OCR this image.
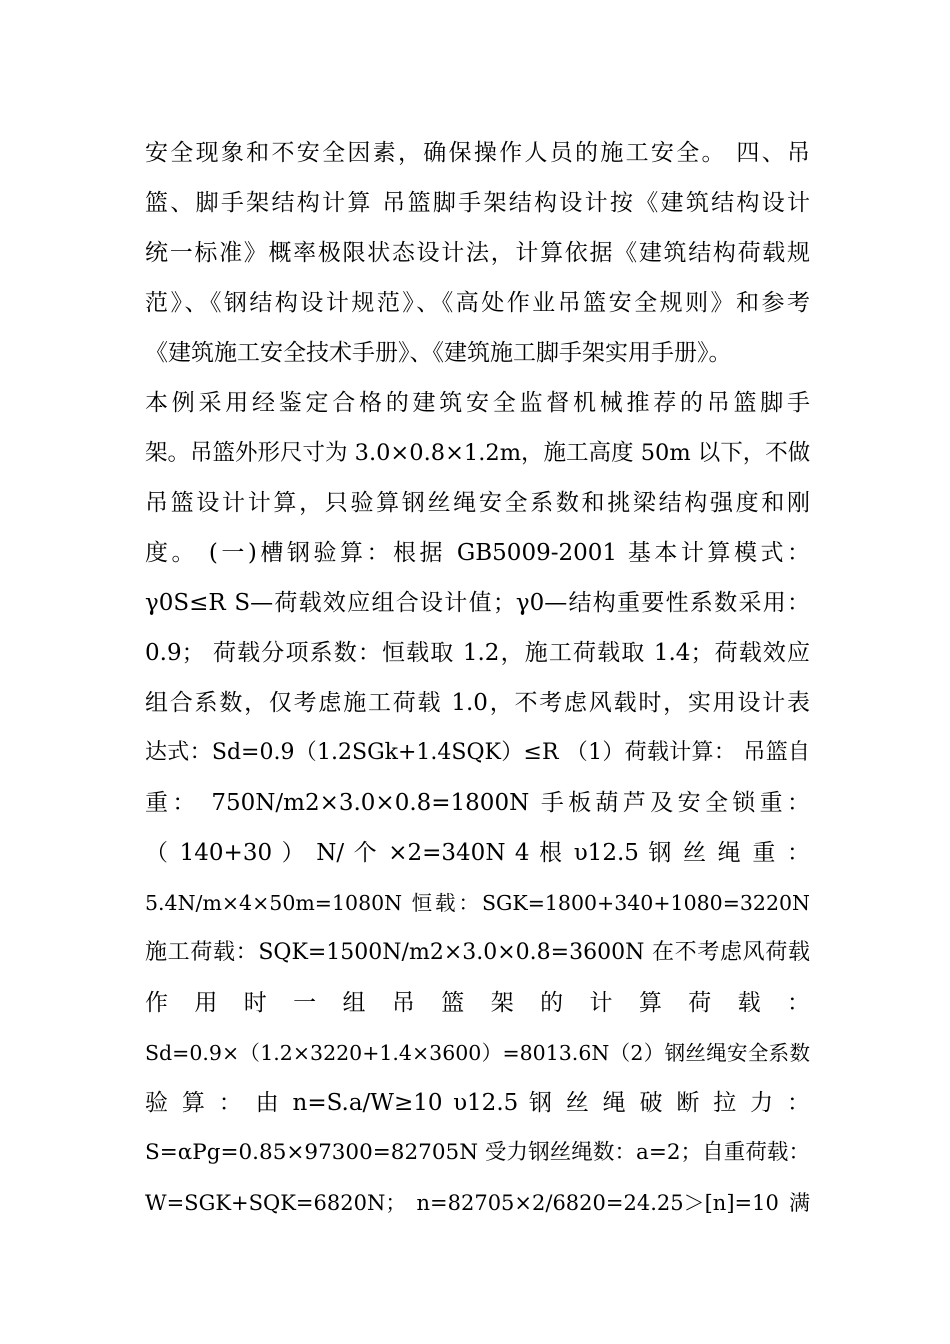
安全现象和不安全因素，确保操作人员的施工安全。 四、吊
篮、脚手架结构计算 吊篮脚手架结构设计按《建筑结构设计
统一标准》概率极限状态设计法，计算依据《建筑结构荷载规
范》、《钢结构设计规范》、《高处作业吊篮安全规则》和参考
《建筑施工安全技术手册》、《建筑施工脚手架实用手册》。
本例采用经鉴定合格的建筑安全监督机械推荐的吊篮脚手
架。吊篮外形尺寸为 3.0×0.8×1.2m，施工高度 50m 以下，不做
吊篮设计计算，只验算钢丝绳安全系数和挑梁结构强度和刚
度。 (一)槽钢验算：根据 GB5009-2001 基本计算模式：
γ0S≤R S—荷载效应组合设计值；γ0—结构重要性系数采用：
0.9； 荷载分项系数：恒载取 1.2，施工荷载取 1.4；荷载效应
组合系数，仅考虑施工荷载 1.0，不考虑风载时，实用设计表
达式：Sd=0.9（1.2SGk+1.4SQK）≤R （1）荷载计算： 吊篮自
重： 750N/m2×3.0×0.8=1800N 手板葫芦及安全锁重：
（ 140+30 ） N/ 个 ×2=340N 4 根 υ12.5 钢 丝 绳 重 ：
5.4N/m×4×50m=1080N 恒载：SGK=1800+340+1080=3220N
施工荷载：SQK=1500N/m2×3.0×0.8=3600N 在不考虑风荷载
作 用 时 一 组 吊 篮 架 的 计 算 荷 载 ：
Sd=0.9×（1.2×3220+1.4×3600）=8013.6N（2）钢丝绳安全系数
验 算 ： 由 n=S.a/W≥10 υ12.5 钢 丝 绳 破 断 拉 力 ：
S=αPg=0.85×97300=82705N 受力钢丝绳数：a=2；自重荷载：
W=SGK+SQK=6820N； n=82705×2/6820=24.25＞[n]=10 满
